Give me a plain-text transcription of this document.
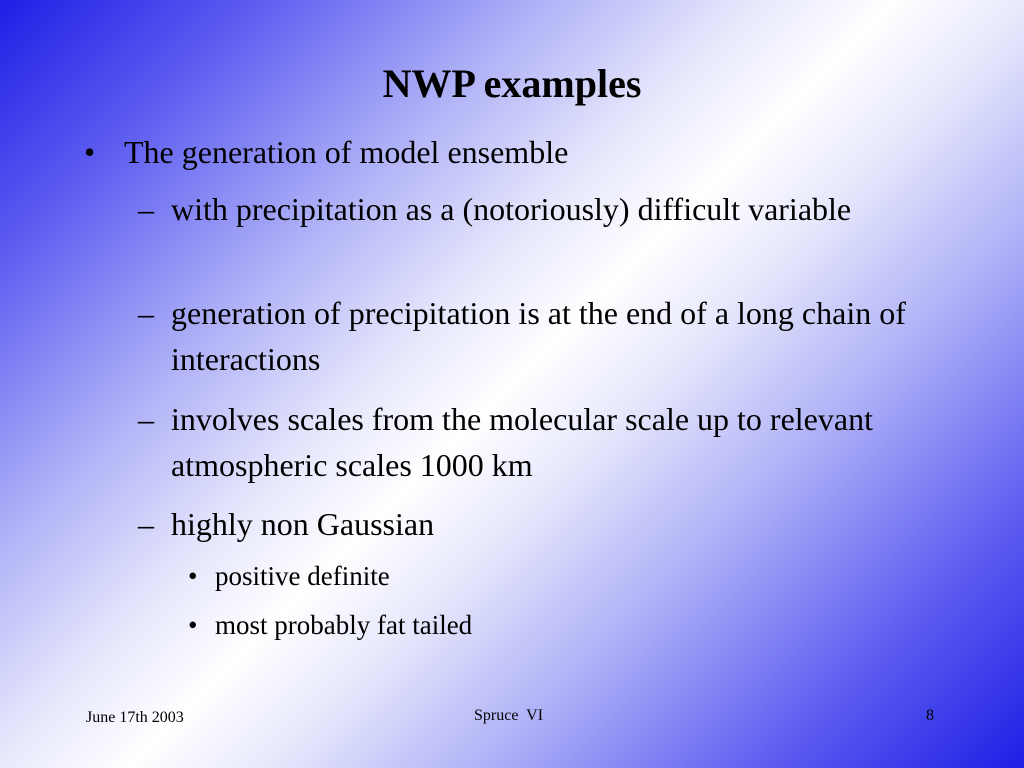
NWP examples
• The generation of model ensemble
– with precipitation as a (notoriously) difficult variable
– generation of precipitation is at the end of a long chain of interactions
– involves scales from the molecular scale up to relevant atmospheric scales 1000 km
– highly non Gaussian
• positive definite
• most probably fat tailed
June 17th 2003	Spruce  VI	8
